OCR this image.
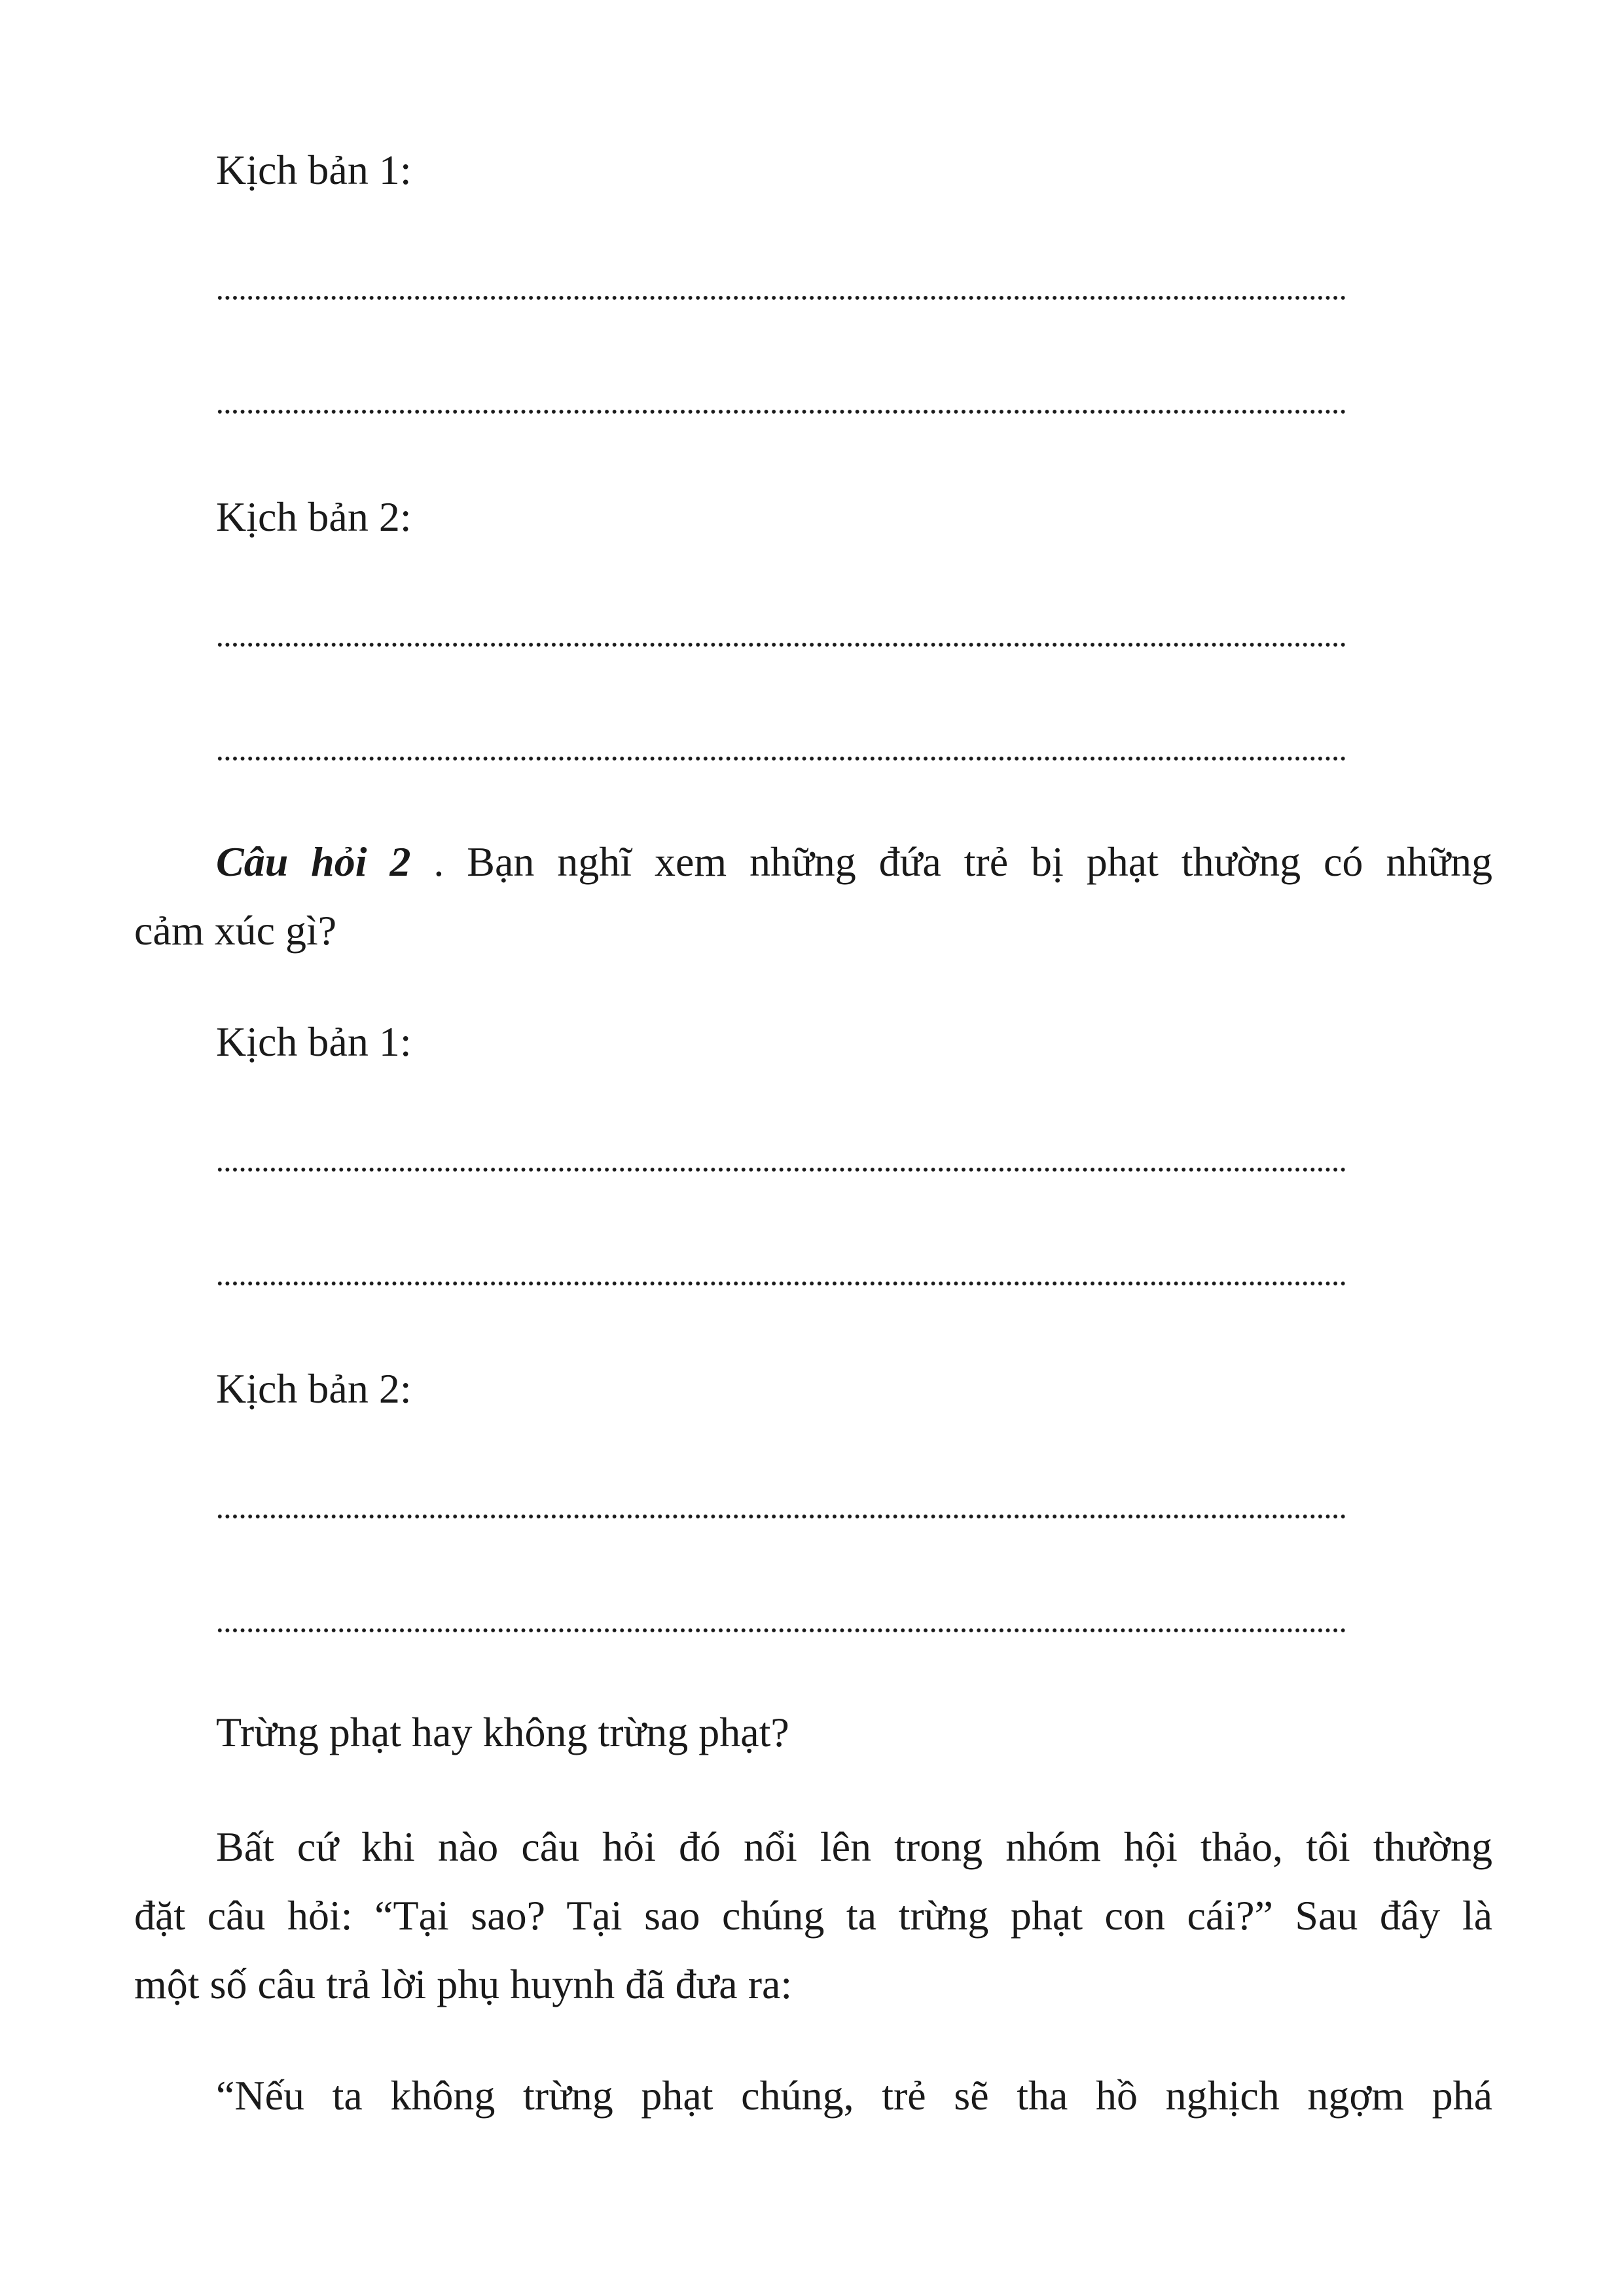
Kịch bản 1:
Kịch bản 2:
Câu hỏi 2 . Bạn nghĩ xem những đứa trẻ bị phạt thường có những
cảm xúc gì?
Kịch bản 1:
Kịch bản 2:
Trừng phạt hay không trừng phạt?
Bất cứ khi nào câu hỏi đó nổi lên trong nhóm hội thảo, tôi thường
đặt câu hỏi: “Tại sao? Tại sao chúng ta trừng phạt con cái?” Sau đây là
một số câu trả lời phụ huynh đã đưa ra:
“Nếu ta không trừng phạt chúng, trẻ sẽ tha hồ nghịch ngợm phá
